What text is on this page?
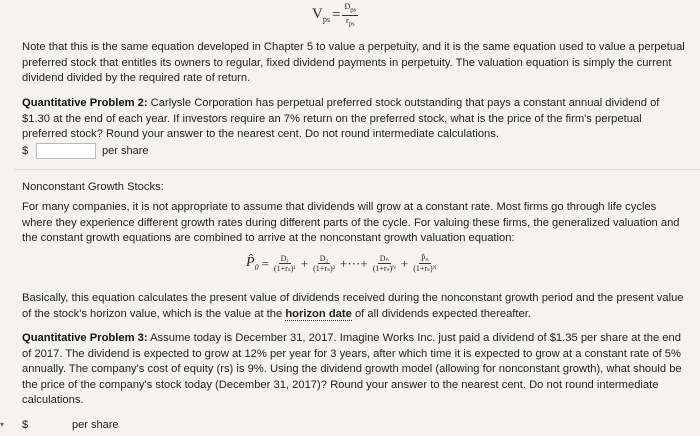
$V_{ps} = \frac{D_{ps}}{r_{ps}}$
Note that this is the same equation developed in Chapter 5 to value a perpetuity, and it is the same equation used to value a perpetual preferred stock that entitles its owners to regular, fixed dividend payments in perpetuity. The valuation equation is simply the current dividend divided by the required rate of return.
Quantitative Problem 2: Carlysle Corporation has perpetual preferred stock outstanding that pays a constant annual dividend of $1.30 at the end of each year. If investors require an 7% return on the preferred stock, what is the price of the firm's perpetual preferred stock? Round your answer to the nearest cent. Do not round intermediate calculations.
$	per share
Nonconstant Growth Stocks:
For many companies, it is not appropriate to assume that dividends will grow at a constant rate. Most firms go through life cycles where they experience different growth rates during different parts of the cycle. For valuing these firms, the generalized valuation and the constant growth equations are combined to arrive at the nonconstant growth valuation equation:
$P̂_0 = \frac{\text{D₁}}{\text{(1+rₛ)¹}} + \frac{\text{D₂}}{\text{(1+rₛ)²}}$ +···+ $\frac{\text{Dₙ}}{\text{(1+rₛ)ᴺ}} + \frac{\text{P̂ₙ}}{\text{(1+rₛ)ᴺ}}$
Basically, this equation calculates the present value of dividends received during the nonconstant growth period and the present value of the stock's horizon value, which is the value at the horizon date of all dividends expected thereafter.
Quantitative Problem 3: Assume today is December 31, 2017. Imagine Works Inc. just paid a dividend of $1.35 per share at the end of 2017. The dividend is expected to grow at 12% per year for 3 years, after which time it is expected to grow at a constant rate of 5% annually. The company's cost of equity (rs) is 9%. Using the dividend growth model (allowing for nonconstant growth), what should be the price of the company's stock today (December 31, 2017)? Round your answer to the nearest cent. Do not round intermediate calculations.
$	per share
▾
